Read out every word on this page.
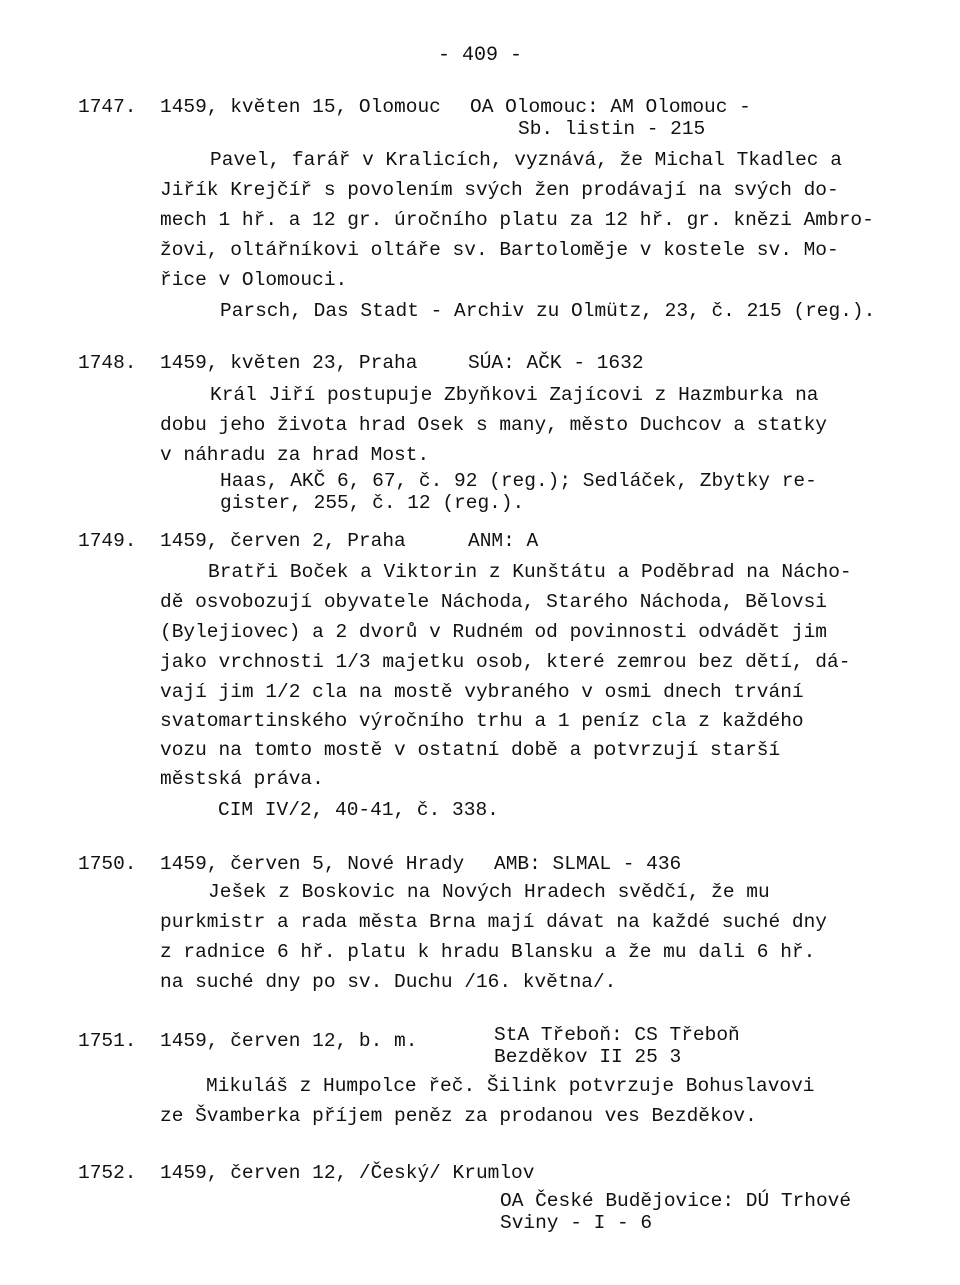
- 409 -
1747. 1459, květen 15, Olomouc OA Olomouc: AM Olomouc -
Sb. listin - 215
Pavel, farář v Kralicích, vyznává, že Michal Tkadlec a
Jiřík Krejčíř s povolením svých žen prodávají na svých do-
mech 1 hř. a 12 gr. úročního platu za 12 hř. gr. knězi Ambro-
žovi, oltářníkovi oltáře sv. Bartoloměje v kostele sv. Mo-
řice v Olomouci.
Parsch, Das Stadt - Archiv zu Olmütz, 23, č. 215 (reg.).
1748. 1459, květen 23, Praha	SÚA: AČK - 1632
Král Jiří postupuje Zbyňkovi Zajícovi z Hazmburka na
dobu jeho života hrad Osek s many, město Duchcov a statky
v náhradu za hrad Most.
Haas, AKČ 6, 67, č. 92 (reg.); Sedláček, Zbytky re-
gister, 255, č. 12 (reg.).
1749. 1459, červen 2, Praha	ANM: A
Bratři Boček a Viktorin z Kunštátu a Poděbrad na Nácho-
dě osvobozují obyvatele Náchoda, Starého Náchoda, Bělovsi
(Bylejiovec) a 2 dvorů v Rudném od povinnosti odvádět jim
jako vrchnosti 1/3 majetku osob, které zemrou bez dětí, dá-
vají jim 1/2 cla na mostě vybraného v osmi dnech trvání
svatomartinského výročního trhu a 1 peníz cla z každého
vozu na tomto mostě v ostatní době a potvrzují starší
městská práva.
CIM IV/2, 40-41, č. 338.
1750. 1459, červen 5, Nové Hrady AMB: SLMAL - 436
Ješek z Boskovic na Nových Hradech svědčí, že mu
purkmistr a rada města Brna mají dávat na každé suché dny
z radnice 6 hř. platu k hradu Blansku a že mu dali 6 hř.
na suché dny po sv. Duchu /16. května/.
1751. 1459, červen 12, b. m.	StA Třeboň: CS Třeboň
Bezděkov II 25 3
Mikuláš z Humpolce řeč. Šilink potvrzuje Bohuslavovi
ze Švamberka příjem peněz za prodanou ves Bezděkov.
1752. 1459, červen 12, /Český/ Krumlov
OA České Budějovice: DÚ Trhové
Sviny - I - 6
